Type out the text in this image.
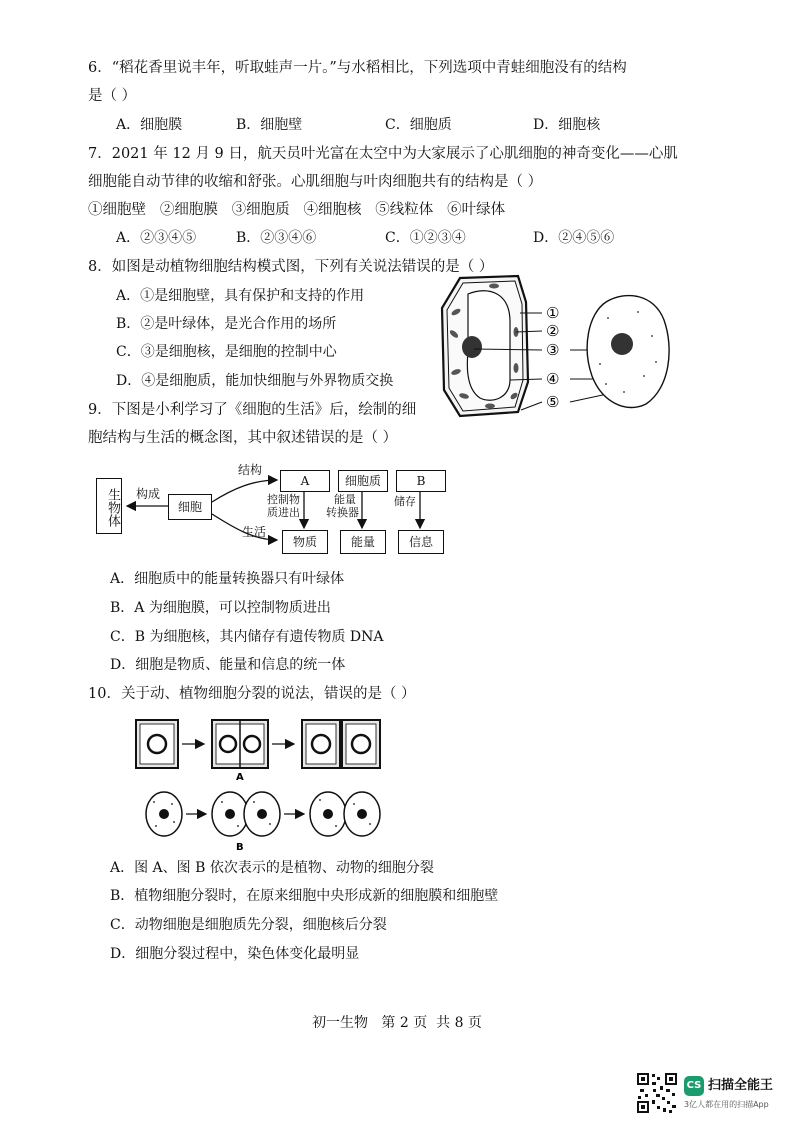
6．“稻花香里说丰年，听取蛙声一片。”与水稻相比，下列选项中青蛙细胞没有的结构
是（ ）
A．细胞膜	B．细胞壁	C．细胞质	D．细胞核
7．2021 年 12 月 9 日，航天员叶光富在太空中为大家展示了心肌细胞的神奇变化——心肌
细胞能自动节律的收缩和舒张。心肌细胞与叶肉细胞共有的结构是（ ）
①细胞壁   ②细胞膜   ③细胞质   ④细胞核   ⑤线粒体   ⑥叶绿体
A．②③④⑤	B．②③④⑥	C．①②③④	D．②④⑤⑥
8．如图是动植物细胞结构模式图，下列有关说法错误的是（ ）
A．①是细胞壁，具有保护和支持的作用
B．②是叶绿体，是光合作用的场所
C．③是细胞核，是细胞的控制中心
D．④是细胞质，能加快细胞与外界物质交换
①
②
③
④
⑤
9．下图是小利学习了《细胞的生活》后，绘制的细
胞结构与生活的概念图，其中叙述错误的是（ ）
生物体 构成
细胞
结构
生活
A	细胞质	B
控制物
质进出
能量
转换器
储存
物质	能量	信息
A．细胞质中的能量转换器只有叶绿体
B．A 为细胞膜，可以控制物质进出
C．B 为细胞核，其内储存有遗传物质 DNA
D．细胞是物质、能量和信息的统一体
10．关于动、植物细胞分裂的说法，错误的是（ ）
A
B
A．图 A、图 B 依次表示的是植物、动物的细胞分裂
B．植物细胞分裂时，在原来细胞中央形成新的细胞膜和细胞壁
C．动物细胞是细胞质先分裂，细胞核后分裂
D．细胞分裂过程中，染色体变化最明显
初一生物   第 2 页  共 8 页
CS 扫描全能王
3亿人都在用的扫描App
